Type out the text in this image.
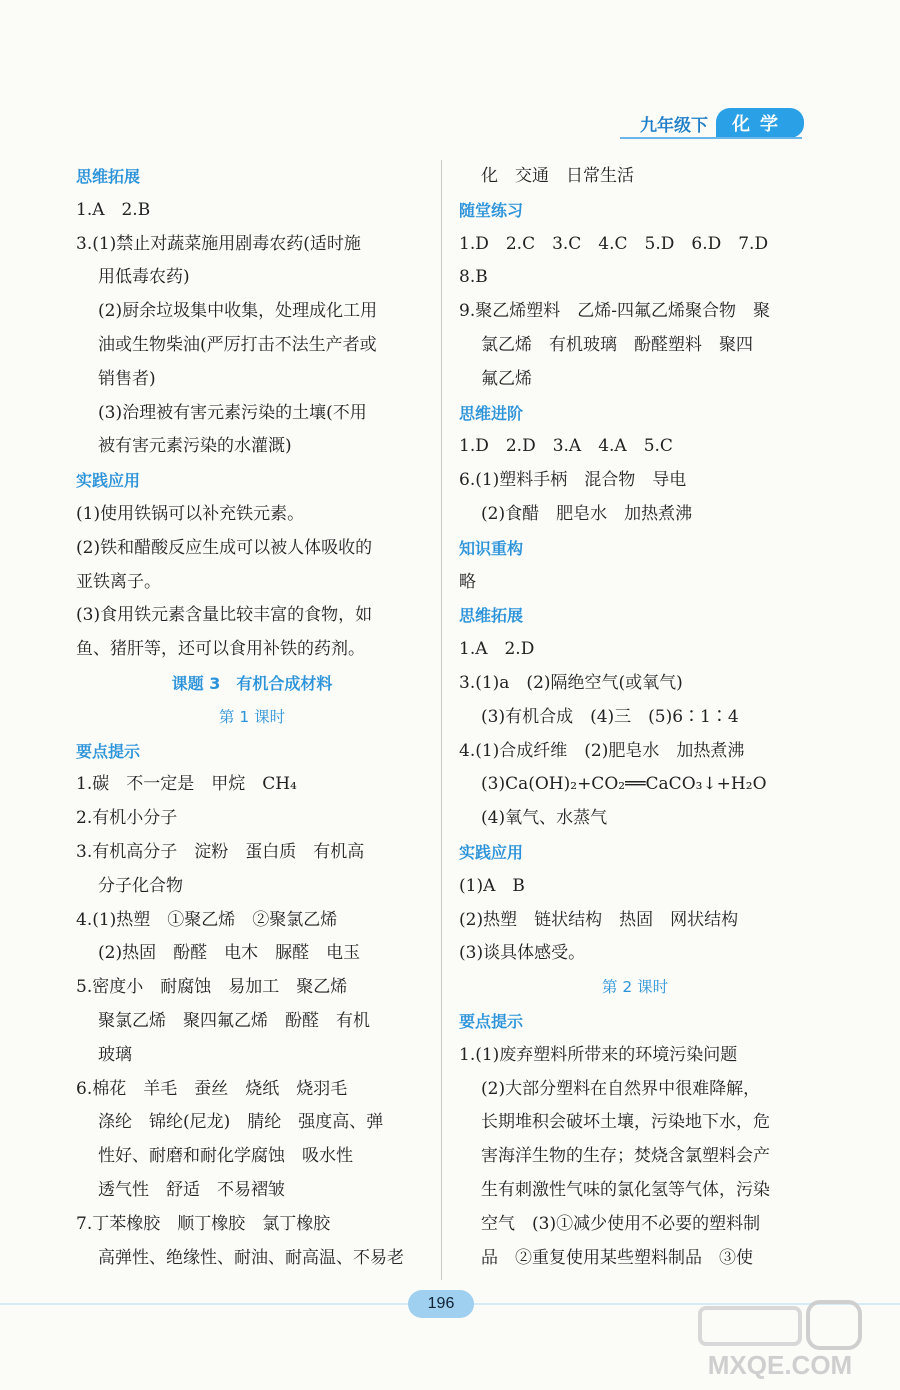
九年级下	化学
思维拓展
1.A　2.B
3.(1)禁止对蔬菜施用剧毒农药(适时施
用低毒农药)
(2)厨余垃圾集中收集，处理成化工用
油或生物柴油(严厉打击不法生产者或
销售者)
(3)治理被有害元素污染的土壤(不用
被有害元素污染的水灌溉)
实践应用
(1)使用铁锅可以补充铁元素。
(2)铁和醋酸反应生成可以被人体吸收的
亚铁离子。
(3)食用铁元素含量比较丰富的食物，如
鱼、猪肝等，还可以食用补铁的药剂。
课题 3　有机合成材料
第 1 课时
要点提示
1.碳　不一定是　甲烷　CH₄
2.有机小分子
3.有机高分子　淀粉　蛋白质　有机高
分子化合物
4.(1)热塑　①聚乙烯　②聚氯乙烯
(2)热固　酚醛　电木　脲醛　电玉
5.密度小　耐腐蚀　易加工　聚乙烯
聚氯乙烯　聚四氟乙烯　酚醛　有机
玻璃
6.棉花　羊毛　蚕丝　烧纸　烧羽毛
涤纶　锦纶(尼龙)　腈纶　强度高、弹
性好、耐磨和耐化学腐蚀　吸水性
透气性　舒适　不易褶皱
7.丁苯橡胶　顺丁橡胶　氯丁橡胶
高弹性、绝缘性、耐油、耐高温、不易老
化　交通　日常生活
随堂练习
1.D　2.C　3.C　4.C　5.D　6.D　7.D
8.B
9.聚乙烯塑料　乙烯-四氟乙烯聚合物　聚
氯乙烯　有机玻璃　酚醛塑料　聚四
氟乙烯
思维进阶
1.D　2.D　3.A　4.A　5.C
6.(1)塑料手柄　混合物　导电
(2)食醋　肥皂水　加热煮沸
知识重构
略
思维拓展
1.A　2.D
3.(1)a　(2)隔绝空气(或氧气)
(3)有机合成　(4)三　(5)6∶1∶4
4.(1)合成纤维　(2)肥皂水　加热煮沸
(3)Ca(OH)₂+CO₂══CaCO₃↓+H₂O
(4)氧气、水蒸气
实践应用
(1)A　B
(2)热塑　链状结构　热固　网状结构
(3)谈具体感受。
第 2 课时
要点提示
1.(1)废弃塑料所带来的环境污染问题
(2)大部分塑料在自然界中很难降解，
长期堆积会破坏土壤，污染地下水，危
害海洋生物的生存；焚烧含氯塑料会产
生有刺激性气味的氯化氢等气体，污染
空气　(3)①减少使用不必要的塑料制
品　②重复使用某些塑料制品　③使
196
MXQE.COM
